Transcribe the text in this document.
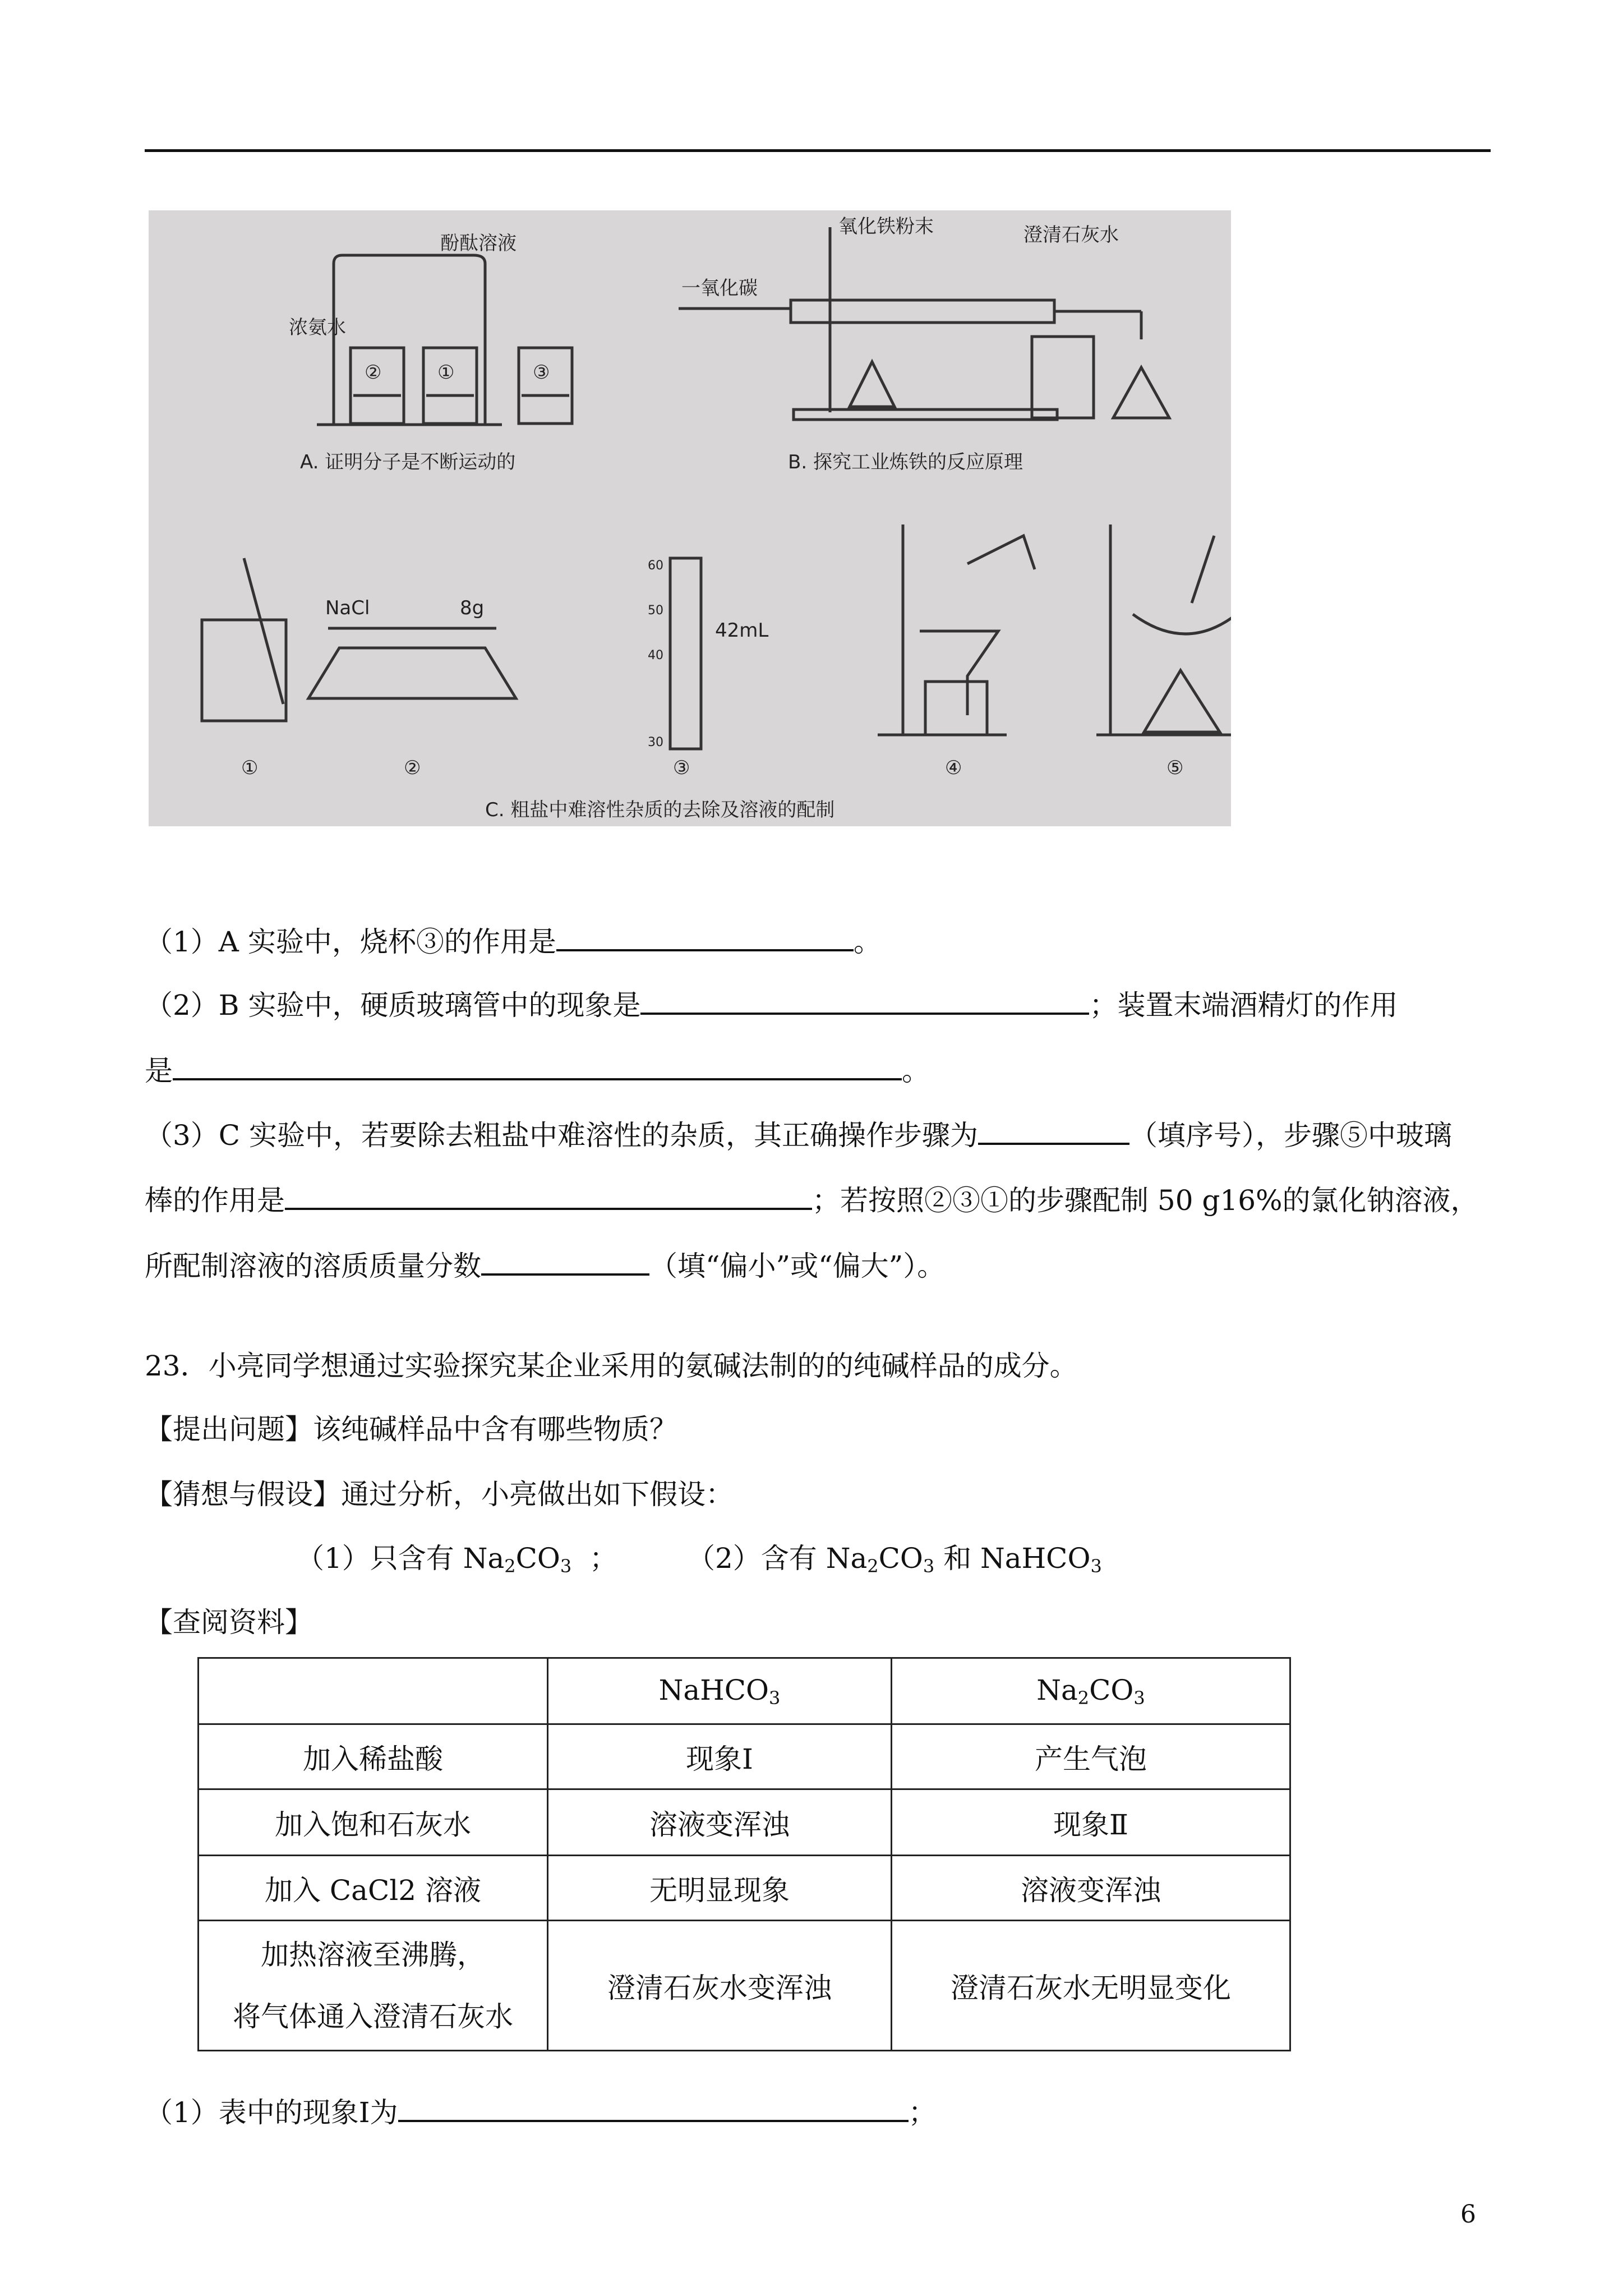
酚酞溶液
浓氨水
②	①	③
A. 证明分子是不断运动的
一氧化碳
氧化铁粉末	澄清石灰水
B. 探究工业炼铁的反应原理
NaCl	8g
42mL
60
50
40
30
①	②	③	④	⑤
C. 粗盐中难溶性杂质的去除及溶液的配制
（1）A 实验中，烧杯③的作用是	。
（2）B 实验中，硬质玻璃管中的现象是	；装置末端酒精灯的作用
是	。
（3）C 实验中，若要除去粗盐中难溶性的杂质，其正确操作步骤为	（填序号），步骤⑤中玻璃
棒的作用是	；若按照②③①的步骤配制 50 g16%的氯化钠溶液，
所配制溶液的溶质质量分数	（填“偏小”或“偏大”）。
23．小亮同学想通过实验探究某企业采用的氨碱法制的的纯碱样品的成分。
【提出问题】该纯碱样品中含有哪些物质？
【猜想与假设】通过分析，小亮做出如下假设：
（1）只含有 $Na_2CO_3$ ； （2）含有 $Na_2CO_3$ 和 NaHCO$_3$
【查阅资料】
	NaHCO$_3$	$Na_2CO_3$
加入稀盐酸	现象Ⅰ	产生气泡
加入饱和石灰水	溶液变浑浊	现象Ⅱ
加入 CaCl2 溶液	无明显现象	溶液变浑浊

加热溶液至沸腾，
将气体通入澄清石灰水	澄清石灰水变浑浊	澄清石灰水无明显变化
（1）表中的现象Ⅰ为	；
6
